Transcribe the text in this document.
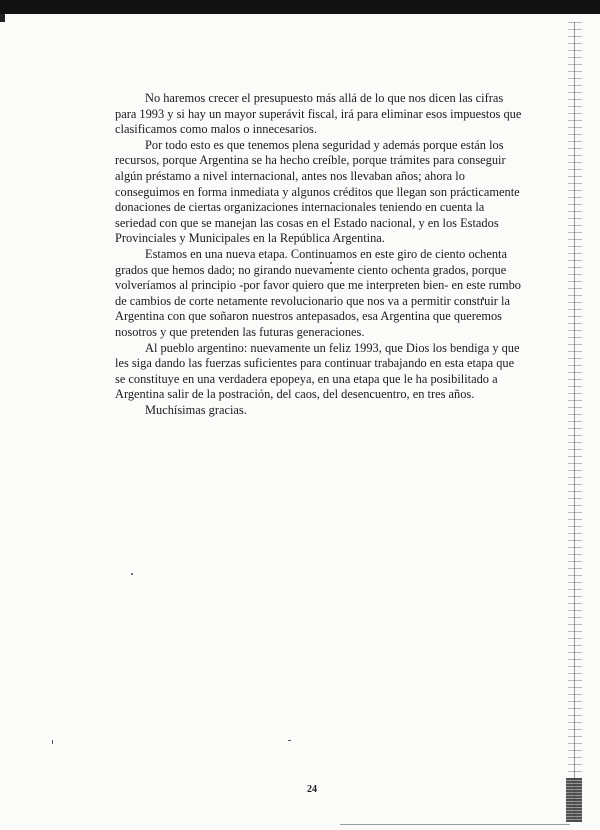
No haremos crecer el presupuesto más allá de lo que nos dicen las cifras para 1993 y si hay un mayor superávit fiscal, irá para eliminar esos impuestos que clasificamos como malos o innecesarios.

Por todo esto es que tenemos plena seguridad y además porque están los recursos, porque Argentina se ha hecho creíble, porque trámites para conseguir algún préstamo a nivel internacional, antes nos llevaban años; ahora lo conseguimos en forma inmediata y algunos créditos que llegan son prácticamente donaciones de ciertas organizaciones internacionales teniendo en cuenta la seriedad con que se manejan las cosas en el Estado nacional, y en los Estados Provinciales y Municipales en la República Argentina.

Estamos en una nueva etapa. Continuamos en este giro de ciento ochenta grados que hemos dado; no girando nuevamente ciento ochenta grados, porque volveríamos al principio -por favor quiero que me interpreten bien- en este rumbo de cambios de corte netamente revolucionario que nos va a permitir construir la Argentina con que soñaron nuestros antepasados, esa Argentina que queremos nosotros y que pretenden las futuras generaciones.

Al pueblo argentino: nuevamente un feliz 1993, que Dios los bendiga y que les siga dando las fuerzas suficientes para continuar trabajando en esta etapa que se constituye en una verdadera epopeya, en una etapa que le ha posibilitado a Argentina salir de la postración, del caos, del desencuentro, en tres años.

Muchísimas gracias.

24
